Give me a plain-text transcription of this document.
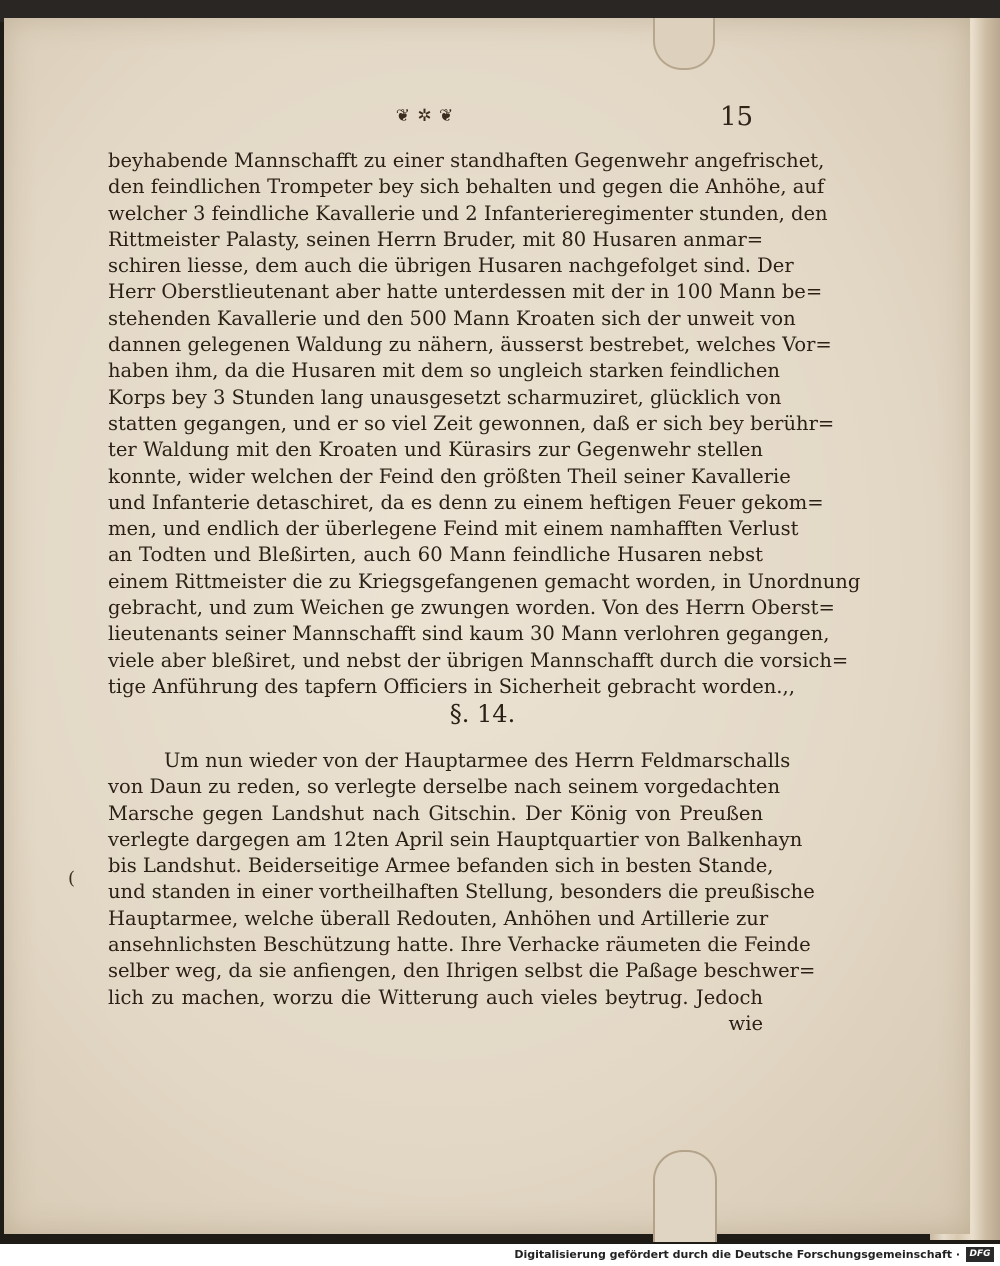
❦ ✲ ❦	15
beyhabende Mannschafft zu einer standhaften Gegenwehr angefrischet,
den feindlichen Trompeter bey sich behalten und gegen die Anhöhe, auf
welcher 3 feindliche Kavallerie und 2 Infanterieregimenter stunden, den
Rittmeister Palasty, seinen Herrn Bruder, mit 80 Husaren anmar=
schiren liesse, dem auch die übrigen Husaren nachgefolget sind. Der
Herr Oberstlieutenant aber hatte unterdessen mit der in 100 Mann be=
stehenden Kavallerie und den 500 Mann Kroaten sich der unweit von
dannen gelegenen Waldung zu nähern, äusserst bestrebet, welches Vor=
haben ihm, da die Husaren mit dem so ungleich starken feindlichen
Korps bey 3 Stunden lang unausgesetzt scharmuziret, glücklich von
statten gegangen, und er so viel Zeit gewonnen, daß er sich bey berühr=
ter Waldung mit den Kroaten und Kürasirs zur Gegenwehr stellen
konnte, wider welchen der Feind den größten Theil seiner Kavallerie
und Infanterie detaschiret, da es denn zu einem heftigen Feuer gekom=
men, und endlich der überlegene Feind mit einem namhafften Verlust
an Todten und Bleßirten, auch 60 Mann feindliche Husaren nebst
einem Rittmeister die zu Kriegsgefangenen gemacht worden, in Unordnung
gebracht, und zum Weichen ge zwungen worden. Von des Herrn Oberst=
lieutenants seiner Mannschafft sind kaum 30 Mann verlohren gegangen,
viele aber bleßiret, und nebst der übrigen Mannschafft durch die vorsich=
tige Anführung des tapfern Officiers in Sicherheit gebracht worden.,,
§. 14.
(
Um nun wieder von der Hauptarmee des Herrn Feldmarschalls
von Daun zu reden, so verlegte derselbe nach seinem vorgedachten
Marsche gegen Landshut nach Gitschin. Der König von Preußen
verlegte dargegen am 12ten April sein Hauptquartier von Balkenhayn
bis Landshut. Beiderseitige Armee befanden sich in besten Stande,
und standen in einer vortheilhaften Stellung, besonders die preußische
Hauptarmee, welche überall Redouten, Anhöhen und Artillerie zur
ansehnlichsten Beschützung hatte. Ihre Verhacke räumeten die Feinde
selber weg, da sie anfiengen, den Ihrigen selbst die Paßage beschwer=
lich zu machen, worzu die Witterung auch vieles beytrug. Jedoch
wie
Digitalisierung gefördert durch die Deutsche Forschungsgemeinschaft ·	DFG
